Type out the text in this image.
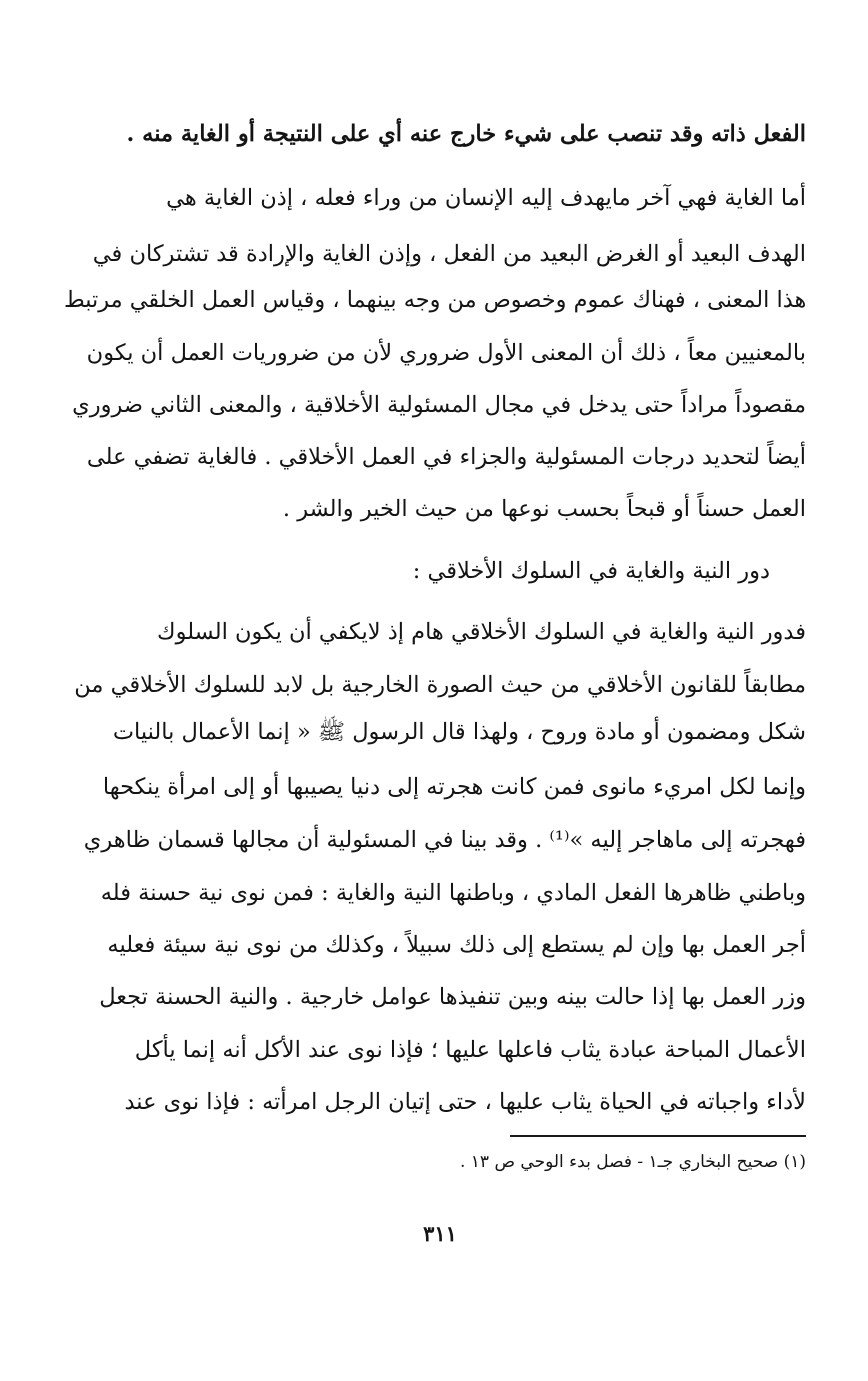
الفعل ذاته وقد تنصب على شيء خارج عنه أي على النتيجة أو الغاية منه .
أما الغاية فهي آخر مايهدف إليه الإنسان من وراء فعله ، إذن الغاية هي
الهدف البعيد أو الغرض البعيد من الفعل ، وإذن الغاية والإرادة قد تشتركان في
هذا المعنى ، فهناك عموم وخصوص من وجه بينهما ، وقياس العمل الخلقي مرتبط
بالمعنيين معاً ، ذلك أن المعنى الأول ضروري لأن من ضروريات العمل أن يكون
مقصوداً مراداً حتى يدخل في مجال المسئولية الأخلاقية ، والمعنى الثاني ضروري
أيضاً لتحديد درجات المسئولية والجزاء في العمل الأخلاقي . فالغاية تضفي على
العمل حسناً أو قبحاً بحسب نوعها من حيث الخير والشر .
دور النية والغاية في السلوك الأخلاقي :
فدور النية والغاية في السلوك الأخلاقي هام إذ لايكفي أن يكون السلوك
مطابقاً للقانون الأخلاقي من حيث الصورة الخارجية بل لابد للسلوك الأخلاقي من
شكل ومضمون أو مادة وروح ، ولهذا قال الرسول ﷺ « إنما الأعمال بالنيات
وإنما لكل امريء مانوى فمن كانت هجرته إلى دنيا يصيبها أو إلى امرأة ينكحها
فهجرته إلى ماهاجر إليه »⁽¹⁾ . وقد بينا في المسئولية أن مجالها قسمان ظاهري
وباطني ظاهرها الفعل المادي ، وباطنها النية والغاية : فمن نوى نية حسنة فله
أجر العمل بها وإن لم يستطع إلى ذلك سبيلاً ، وكذلك من نوى نية سيئة فعليه
وزر العمل بها إذا حالت بينه وبين تنفيذها عوامل خارجية . والنية الحسنة تجعل
الأعمال المباحة عبادة يثاب فاعلها عليها ؛ فإذا نوى عند الأكل أنه إنما يأكل
لأداء واجباته في الحياة يثاب عليها ، حتى إتيان الرجل امرأته : فإذا نوى عند
(١) صحيح البخاري جـ١ - فصل بدء الوحي ص ١٣ .
٣١١
